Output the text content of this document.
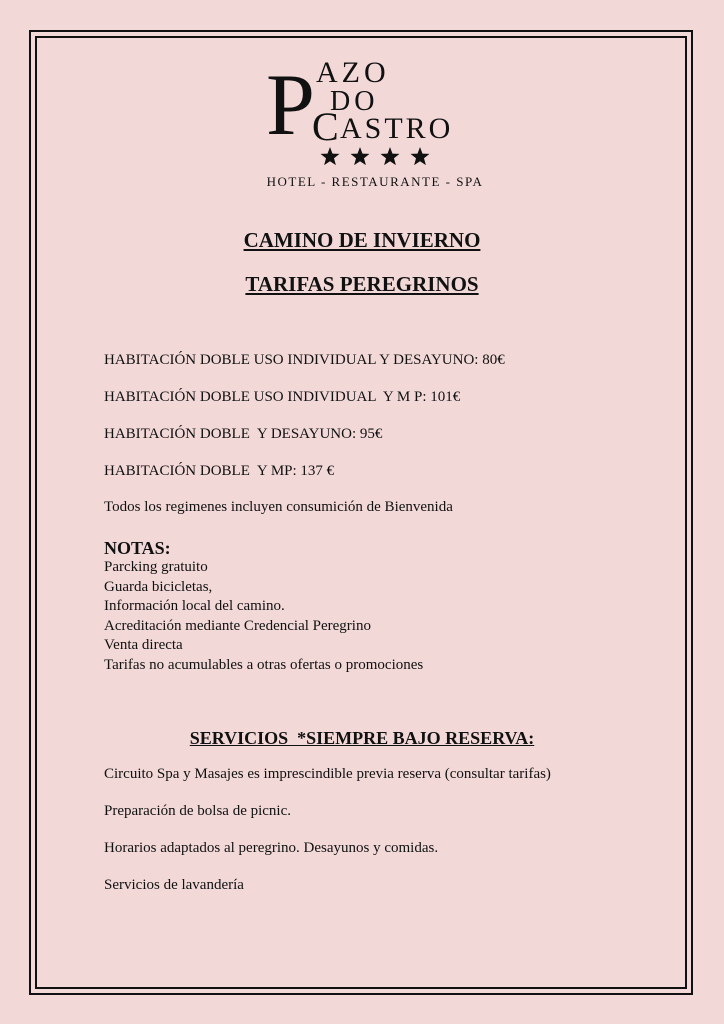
P AZO
DO
C ASTRO
HOTEL - RESTAURANTE - SPA
CAMINO DE INVIERNO
TARIFAS PEREGRINOS
HABITACIÓN DOBLE USO INDIVIDUAL Y DESAYUNO: 80€
HABITACIÓN DOBLE USO INDIVIDUAL  Y M P: 101€
HABITACIÓN DOBLE  Y DESAYUNO: 95€
HABITACIÓN DOBLE  Y MP: 137 €
Todos los regimenes incluyen consumición de Bienvenida
NOTAS:
Parcking gratuito
Guarda bicicletas,
Información local del camino.
Acreditación mediante Credencial Peregrino
Venta directa
Tarifas no acumulables a otras ofertas o promociones
SERVICIOS  *SIEMPRE BAJO RESERVA:
Circuito Spa y Masajes es imprescindible previa reserva (consultar tarifas)
Preparación de bolsa de picnic.
Horarios adaptados al peregrino. Desayunos y comidas.
Servicios de lavandería
